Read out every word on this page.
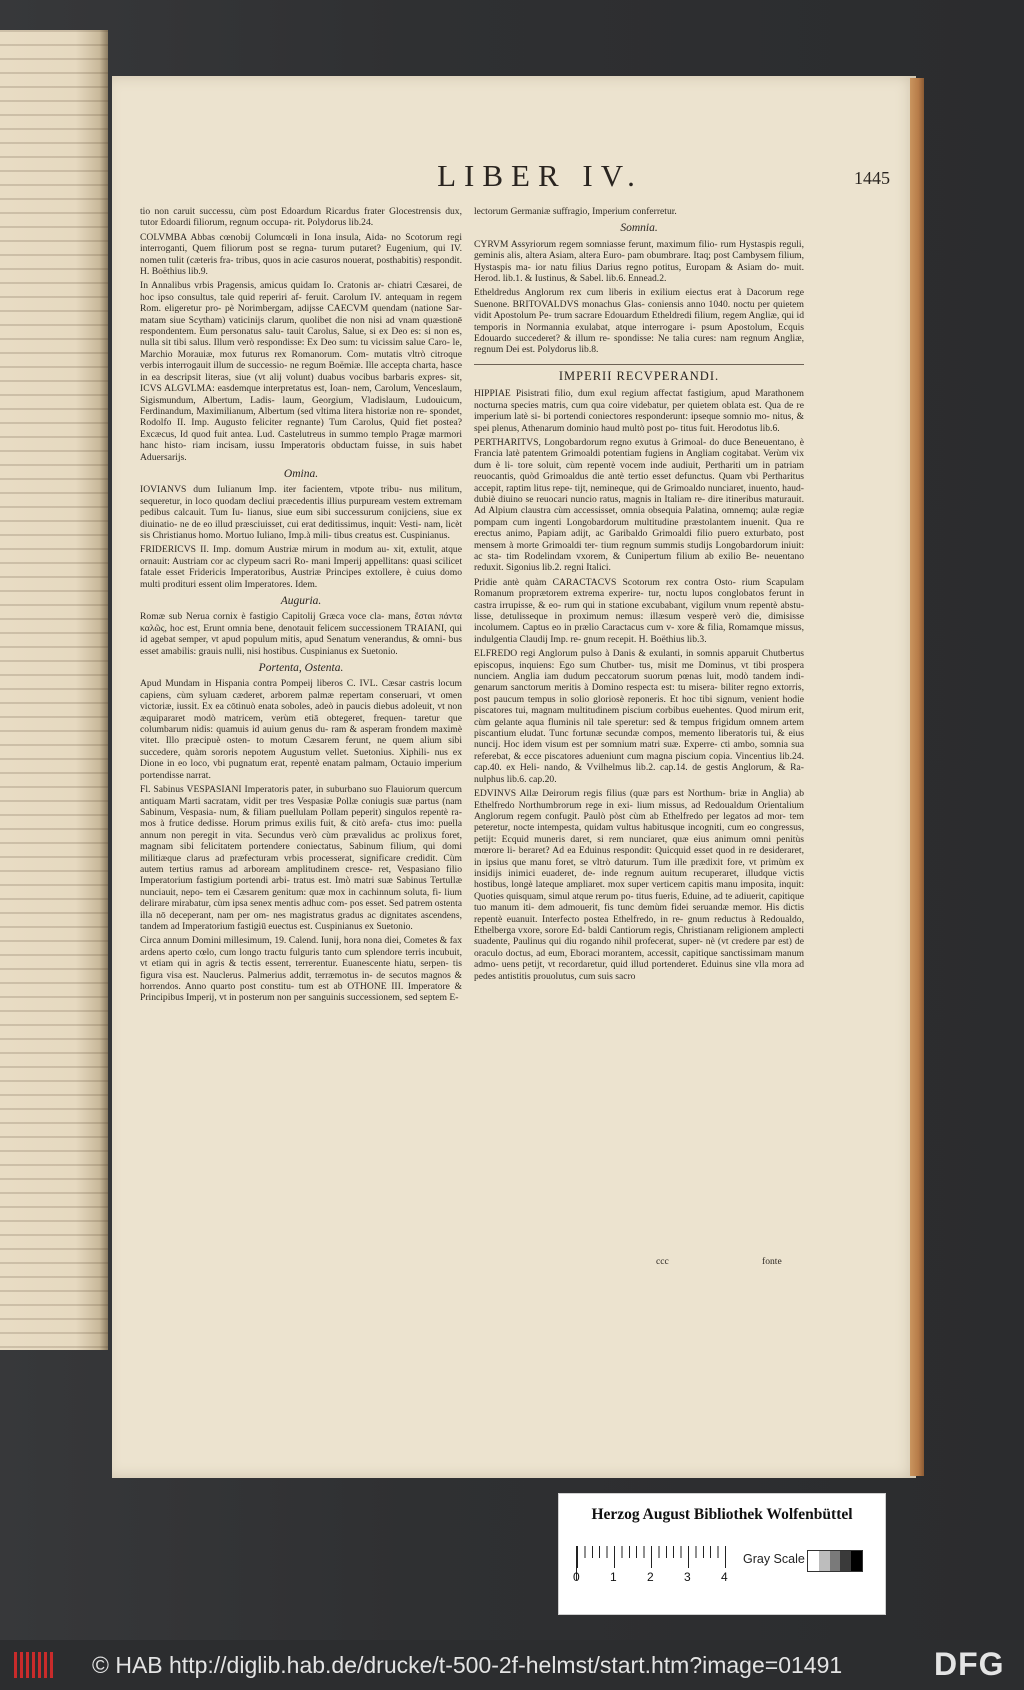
LIBER IV.	1445

tio non caruit successu, cùm post Edoardum Ricardus frater Glocestrensis dux, tutor Edoardi filiorum, regnum occupa- rit. Polydorus lib.24.

COLVMBA Abbas cœnobij Columcœli in Iona insula, Aida- no Scotorum regi interroganti, Quem filiorum post se regna- turum putaret? Eugenium, qui IV. nomen tulit (cæteris fra- tribus, quos in acie casuros nouerat, posthabitis) respondit. H. Boëthius lib.9.

In Annalibus vrbis Pragensis, amicus quidam Io. Cratonis ar- chiatri Cæsarei, de hoc ipso consultus, tale quid reperiri af- feruit. Carolum IV. antequam in regem Rom. eligeretur pro- pè Norimbergam, adijsse CAECVM quendam (natione Sar- matam siue Scytham) vaticinijs clarum, quolibet die non nisi ad vnam quæstionē respondentem. Eum personatus salu- tauit Carolus, Salue, si ex Deo es: si non es, nulla sit tibi salus. Illum verò respondisse: Ex Deo sum: tu vicissim salue Caro- le, Marchio Morauiæ, mox futurus rex Romanorum. Com- mutatis vltrò citroque verbis interrogauit illum de successio- ne regum Boëmiæ. Ille accepta charta, hasce in ea descripsit literas, siue (vt alij volunt) duabus vocibus barbaris expres- sit, ICVS ALGVLMA: easdemque interpretatus est, Ioan- nem, Carolum, Venceslaum, Sigismundum, Albertum, Ladis- laum, Georgium, Vladislaum, Ludouicum, Ferdinandum, Maximilianum, Albertum (sed vltima litera historiæ non re- spondet, Rodolfo II. Imp. Augusto feliciter regnante) Tum Carolus, Quid fiet postea? Excæcus, Id quod fuit antea. Lud. Castelutreus in summo templo Pragæ marmori hanc histo- riam incisam, iussu Imperatoris obductam fuisse, in suis habet Aduersarijs.

Omina.

IOVIANVS dum Iulianum Imp. iter facientem, vtpote tribu- nus militum, sequeretur, in loco quodam decliui præcedentis illius purpuream vestem extremam pedibus calcauit. Tum Iu- lianus, siue eum sibi successurum conijciens, siue ex diuinatio- ne de eo illud præsciuisset, cui erat deditissimus, inquit: Vesti- nam, licèt sis Christianus homo. Mortuo Iuliano, Imp.à mili- tibus creatus est. Cuspinianus.

FRIDERICVS II. Imp. domum Austriæ mirum in modum au- xit, extulit, atque ornauit: Austriam cor ac clypeum sacri Ro- mani Imperij appellitans: quasi scilicet fatale esset Fridericis Imperatoribus, Austriæ Principes extollere, è cuius domo multi prodituri essent olim Imperatores. Idem.

Auguria.

Romæ sub Nerua cornix è fastigio Capitolij Græca voce cla- mans, ἔσται πάντα καλῶς, hoc est, Erunt omnia bene, denotauit felicem successionem TRAIANI, qui id agebat semper, vt apud populum mitis, apud Senatum venerandus, & omni- bus esset amabilis: grauis nulli, nisi hostibus. Cuspinianus ex Suetonio.

Portenta, Ostenta.

Apud Mundam in Hispania contra Pompeij liberos C. IVL. Cæsar castris locum capiens, cùm syluam cæderet, arborem palmæ repertam conseruari, vt omen victoriæ, iussit. Ex ea cōtinuò enata soboles, adeò in paucis diebus adoleuit, vt non æquipararet modò matricem, verùm etiā obtegeret, frequen- taretur que columbarum nidis: quamuis id auium genus du- ram & asperam frondem maximè vitet. Illo præcipuè osten- to motum Cæsarem ferunt, ne quem alium sibi succedere, quàm sororis nepotem Augustum vellet. Suetonius. Xiphili- nus ex Dione in eo loco, vbi pugnatum erat, repentè enatam palmam, Octauio imperium portendisse narrat.

Fl. Sabinus VESPASIANI Imperatoris pater, in suburbano suo Flauiorum quercum antiquam Marti sacratam, vidit per tres Vespasiæ Pollæ coniugis suæ partus (nam Sabinum, Vespasia- num, & filiam puellulam Pollam peperit) singulos repentè ra- mos à frutice dedisse. Horum primus exilis fuit, & citò arefa- ctus imo: puella annum non peregit in vita. Secundus verò cùm prævalidus ac prolixus foret, magnam sibi felicitatem portendere coniectatus, Sabinum filium, qui domi militiæque clarus ad præfecturam vrbis processerat, significare credidit. Cùm autem tertius ramus ad arboream amplitudinem cresce- ret, Vespasiano filio Imperatorium fastigium portendi arbi- tratus est. Imò matri suæ Sabinus Tertullæ nunciauit, nepo- tem ei Cæsarem genitum: quæ mox in cachinnum soluta, fi- lium delirare mirabatur, cùm ipsa senex mentis adhuc com- pos esset. Sed patrem ostenta illa nō deceperant, nam per om- nes magistratus gradus ac dignitates ascendens, tandem ad Imperatorium fastigiū euectus est. Cuspinianus ex Suetonio.

Circa annum Domini millesimum, 19. Calend. Iunij, hora nona diei, Cometes & fax ardens aperto cœlo, cum longo tractu fulguris tanto cum splendore terris incubuit, vt etiam qui in agris & tectis essent, terrerentur. Euanescente hiatu, serpen- tis figura visa est. Nauclerus. Palmerius addit, terræmotus in- de secutos magnos & horrendos. Anno quarto post constitu- tum est ab OTHONE III. Imperatore & Principibus Imperij, vt in posterum non per sanguinis successionem, sed septem E-

lectorum Germaniæ suffragio, Imperium conferretur.

Somnia.

CYRVM Assyriorum regem somniasse ferunt, maximum filio- rum Hystaspis reguli, geminis alis, altera Asiam, altera Euro- pam obumbrare. Itaq; post Cambysem filium, Hystaspis ma- ior natu filius Darius regno potitus, Europam & Asiam do- muit. Herod. lib.1. & Iustinus, & Sabel. lib.6. Ennead.2.

Etheldredus Anglorum rex cum liberis in exilium eiectus erat à Dacorum rege Suenone. BRITOVALDVS monachus Glas- coniensis anno 1040. noctu per quietem vidit Apostolum Pe- trum sacrare Edouardum Etheldredi filium, regem Angliæ, qui id temporis in Normannia exulabat, atque interrogare i- psum Apostolum, Ecquis Edouardo succederet? & illum re- spondisse: Ne talia cures: nam regnum Angliæ, regnum Dei est. Polydorus lib.8.

IMPERII RECVPERANDI.

HIPPIAE Pisistrati filio, dum exul regium affectat fastigium, apud Marathonem nocturna species matris, cum qua coire videbatur, per quietem oblata est. Qua de re imperium latè si- bi portendi coniectores responderunt: ipseque somnio mo- nitus, & spei plenus, Athenarum dominio haud multò post po- titus fuit. Herodotus lib.6.

PERTHARITVS, Longobardorum regno exutus à Grimoal- do duce Beneuentano, è Francia latè patentem Grimoaldi potentiam fugiens in Angliam cogitabat. Verùm vix dum è li- tore soluit, cùm repentè vocem inde audiuit, Perthariti um in patriam reuocantis, quòd Grimoaldus die antè tertio esset defunctus. Quam vbi Pertharitus accepit, raptim litus repe- tijt, nemineque, qui de Grimoaldo nunciaret, inuento, haud- dubiè diuino se reuocari nuncio ratus, magnis in Italiam re- dire itineribus maturauit. Ad Alpium claustra cùm accessisset, omnia obsequia Palatina, omnemq; aulæ regiæ pompam cum ingenti Longobardorum multitudine præstolantem inuenit. Qua re erectus animo, Papiam adijt, ac Garibaldo Grimoaldi filio puero exturbato, post mensem à morte Grimoaldi ter- tium regnum summis studijs Longobardorum iniuit: ac sta- tim Rodelindam vxorem, & Cunipertum filium ab exilio Be- neuentano reduxit. Sigonius lib.2. regni Italici.

Pridie antè quàm CARACTACVS Scotorum rex contra Osto- rium Scapulam Romanum proprætorem extrema experire- tur, noctu lupos conglobatos ferunt in castra irrupisse, & eo- rum qui in statione excubabant, vigilum vnum repentè abstu- lisse, detulisseque in proximum nemus: illæsum vesperè verò die, dimisisse incolumem. Captus eo in prælio Caractacus cum v- xore & filia, Romamque missus, indulgentia Claudij Imp. re- gnum recepit. H. Boëthius lib.3.

ELFREDO regi Anglorum pulso à Danis & exulanti, in somnis apparuit Chutbertus episcopus, inquiens: Ego sum Chutber- tus, misit me Dominus, vt tibi prospera nunciem. Anglia iam dudum peccatorum suorum pœnas luit, modò tandem indi- genarum sanctorum meritis à Domino respecta est: tu misera- biliter regno extorris, post paucum tempus in solio gloriosè reponeris. Et hoc tibi signum, venient hodie piscatores tui, magnam multitudinem piscium corbibus euehentes. Quod mirum erit, cùm gelante aqua fluminis nil tale speretur: sed & tempus frigidum omnem artem piscantium eludat. Tunc fortunæ secundæ compos, memento liberatoris tui, & eius nuncij. Hoc idem visum est per somnium matri suæ. Experre- cti ambo, somnia sua referebat, & ecce piscatores adueniunt cum magna piscium copia. Vincentius lib.24. cap.40. ex Heli- nando, & Vvilhelmus lib.2. cap.14. de gestis Anglorum, & Ra- nulphus lib.6. cap.20.

EDVINVS Allæ Deirorum regis filius (quæ pars est Northum- briæ in Anglia) ab Ethelfredo Northumbrorum rege in exi- lium missus, ad Redoualdum Orientalium Anglorum regem confugit. Paulò pòst cùm ab Ethelfredo per legatos ad mor- tem peteretur, nocte intempesta, quidam vultus habitusque incogniti, cum eo congressus, petijt: Ecquid muneris daret, si rem nunciaret, quæ eius animum omni penitùs mœrore li- beraret? Ad ea Eduinus respondit: Quicquid esset quod in re desideraret, in ipsius que manu foret, se vltrò daturum. Tum ille prædixit fore, vt primùm ex insidijs inimici euaderet, de- inde regnum auitum recuperaret, illudque victis hostibus, longè lateque ampliaret. mox super verticem capitis manu imposita, inquit: Quoties quisquam, simul atque rerum po- titus fueris, Eduine, ad te adiuerit, capitique tuo manum iti- dem admouerit, fis tunc demùm fidei seruandæ memor. His dictis repentè euanuit. Interfecto postea Ethelfredo, in re- gnum reductus à Redoualdo, Ethelberga vxore, sorore Ed- baldi Cantiorum regis, Christianam religionem amplecti suadente, Paulinus qui diu rogando nihil profecerat, super- nè (vt credere par est) de oraculo doctus, ad eum, Eboraci morantem, accessit, capitique sanctissimam manum admo- uens petijt, vt recordaretur, quid illud portenderet. Eduinus sine vlla mora ad pedes antistitis prouolutus, cum suis sacro

ccc	fonte
Herzog August Bibliothek Wolfenbüttel
0	1	2	3	4
Gray Scale
© HAB http://diglib.hab.de/drucke/t-500-2f-helmst/start.htm?image=01491	DFG
